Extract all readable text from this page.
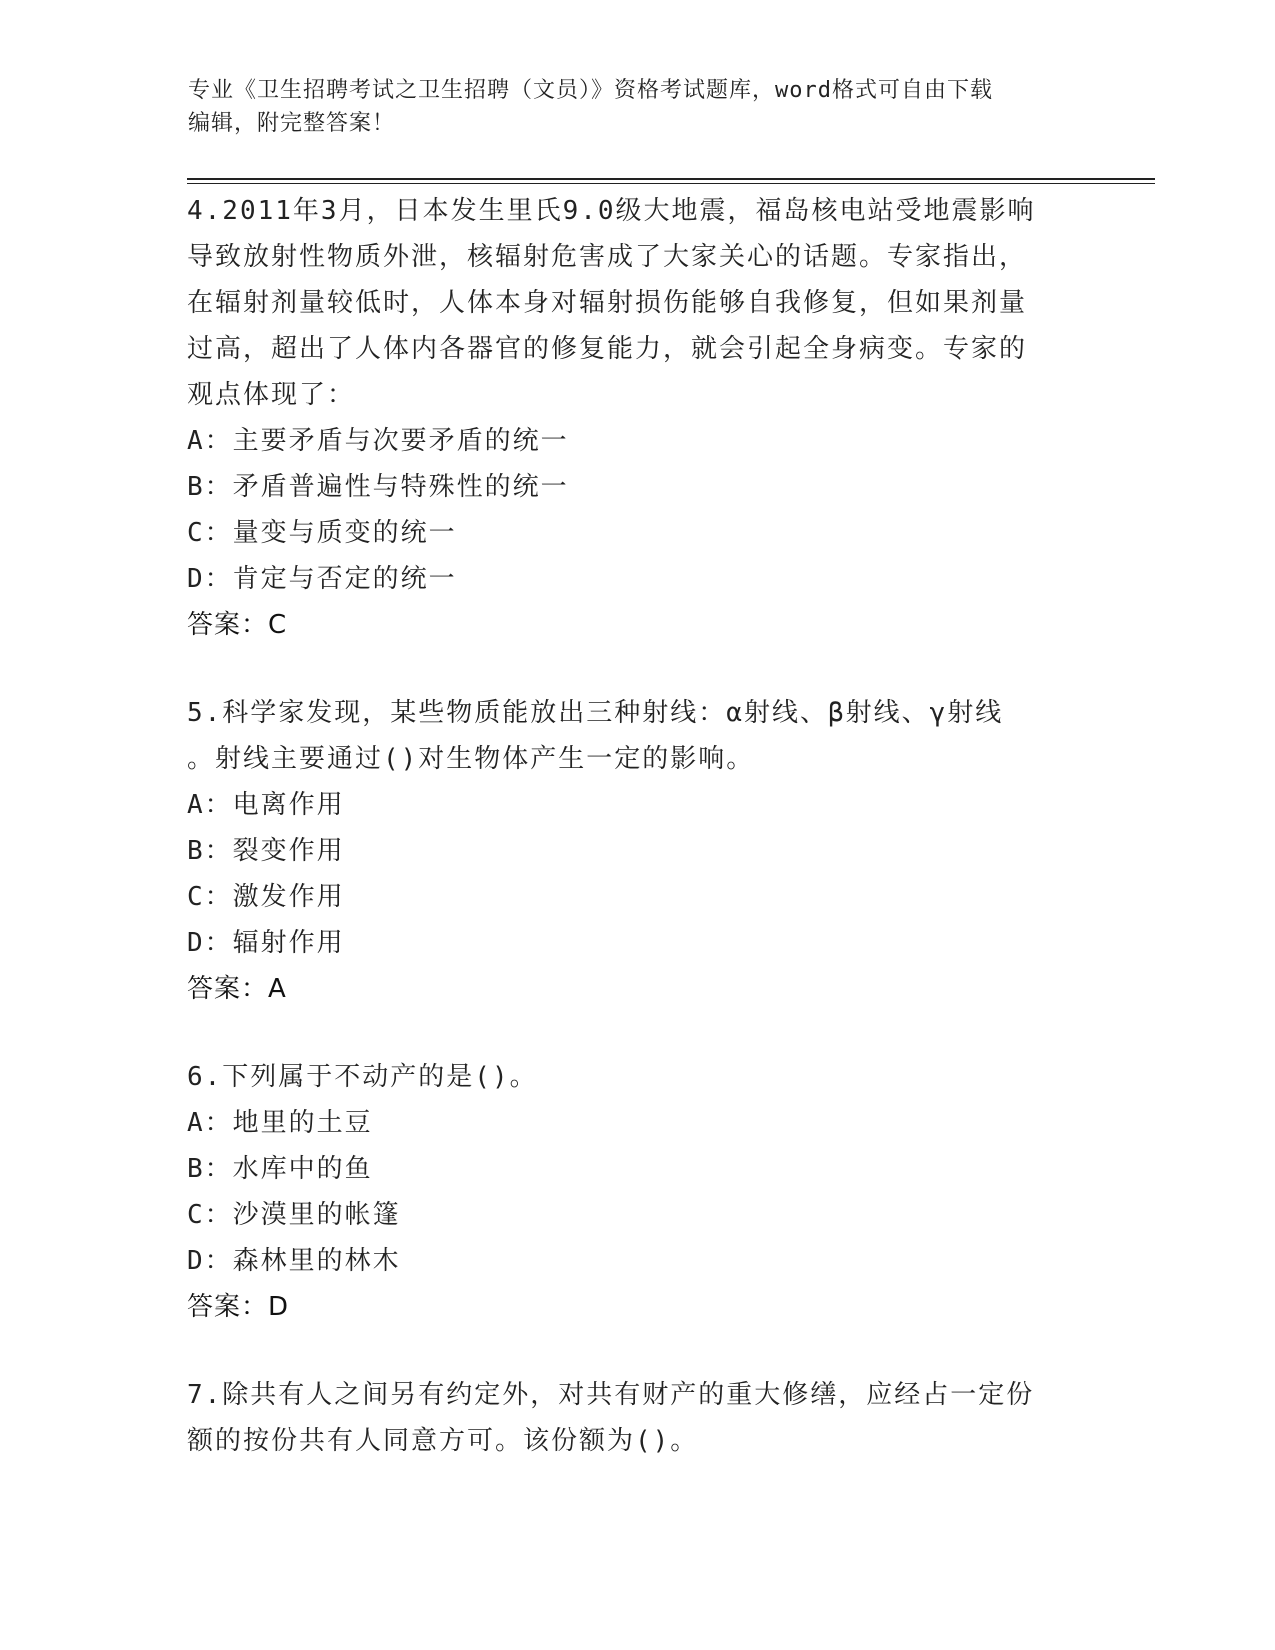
专业《卫生招聘考试之卫生招聘（文员）》资格考试题库，word格式可自由下载
编辑，附完整答案！

4.2011年3月，日本发生里氏9.0级大地震，福岛核电站受地震影响

导致放射性物质外泄，核辐射危害成了大家关心的话题。专家指出，

在辐射剂量较低时，人体本身对辐射损伤能够自我修复，但如果剂量

过高，超出了人体内各器官的修复能力，就会引起全身病变。专家的

观点体现了：

A：主要矛盾与次要矛盾的统一

B：矛盾普遍性与特殊性的统一

C：量变与质变的统一

D：肯定与否定的统一

答案：C

5.科学家发现，某些物质能放出三种射线：α射线、β射线、γ射线

。射线主要通过()对生物体产生一定的影响。

A：电离作用

B：裂变作用

C：激发作用

D：辐射作用

答案：A

6.下列属于不动产的是()。

A：地里的土豆

B：水库中的鱼

C：沙漠里的帐篷

D：森林里的林木

答案：D

7.除共有人之间另有约定外，对共有财产的重大修缮，应经占一定份

额的按份共有人同意方可。该份额为()。
